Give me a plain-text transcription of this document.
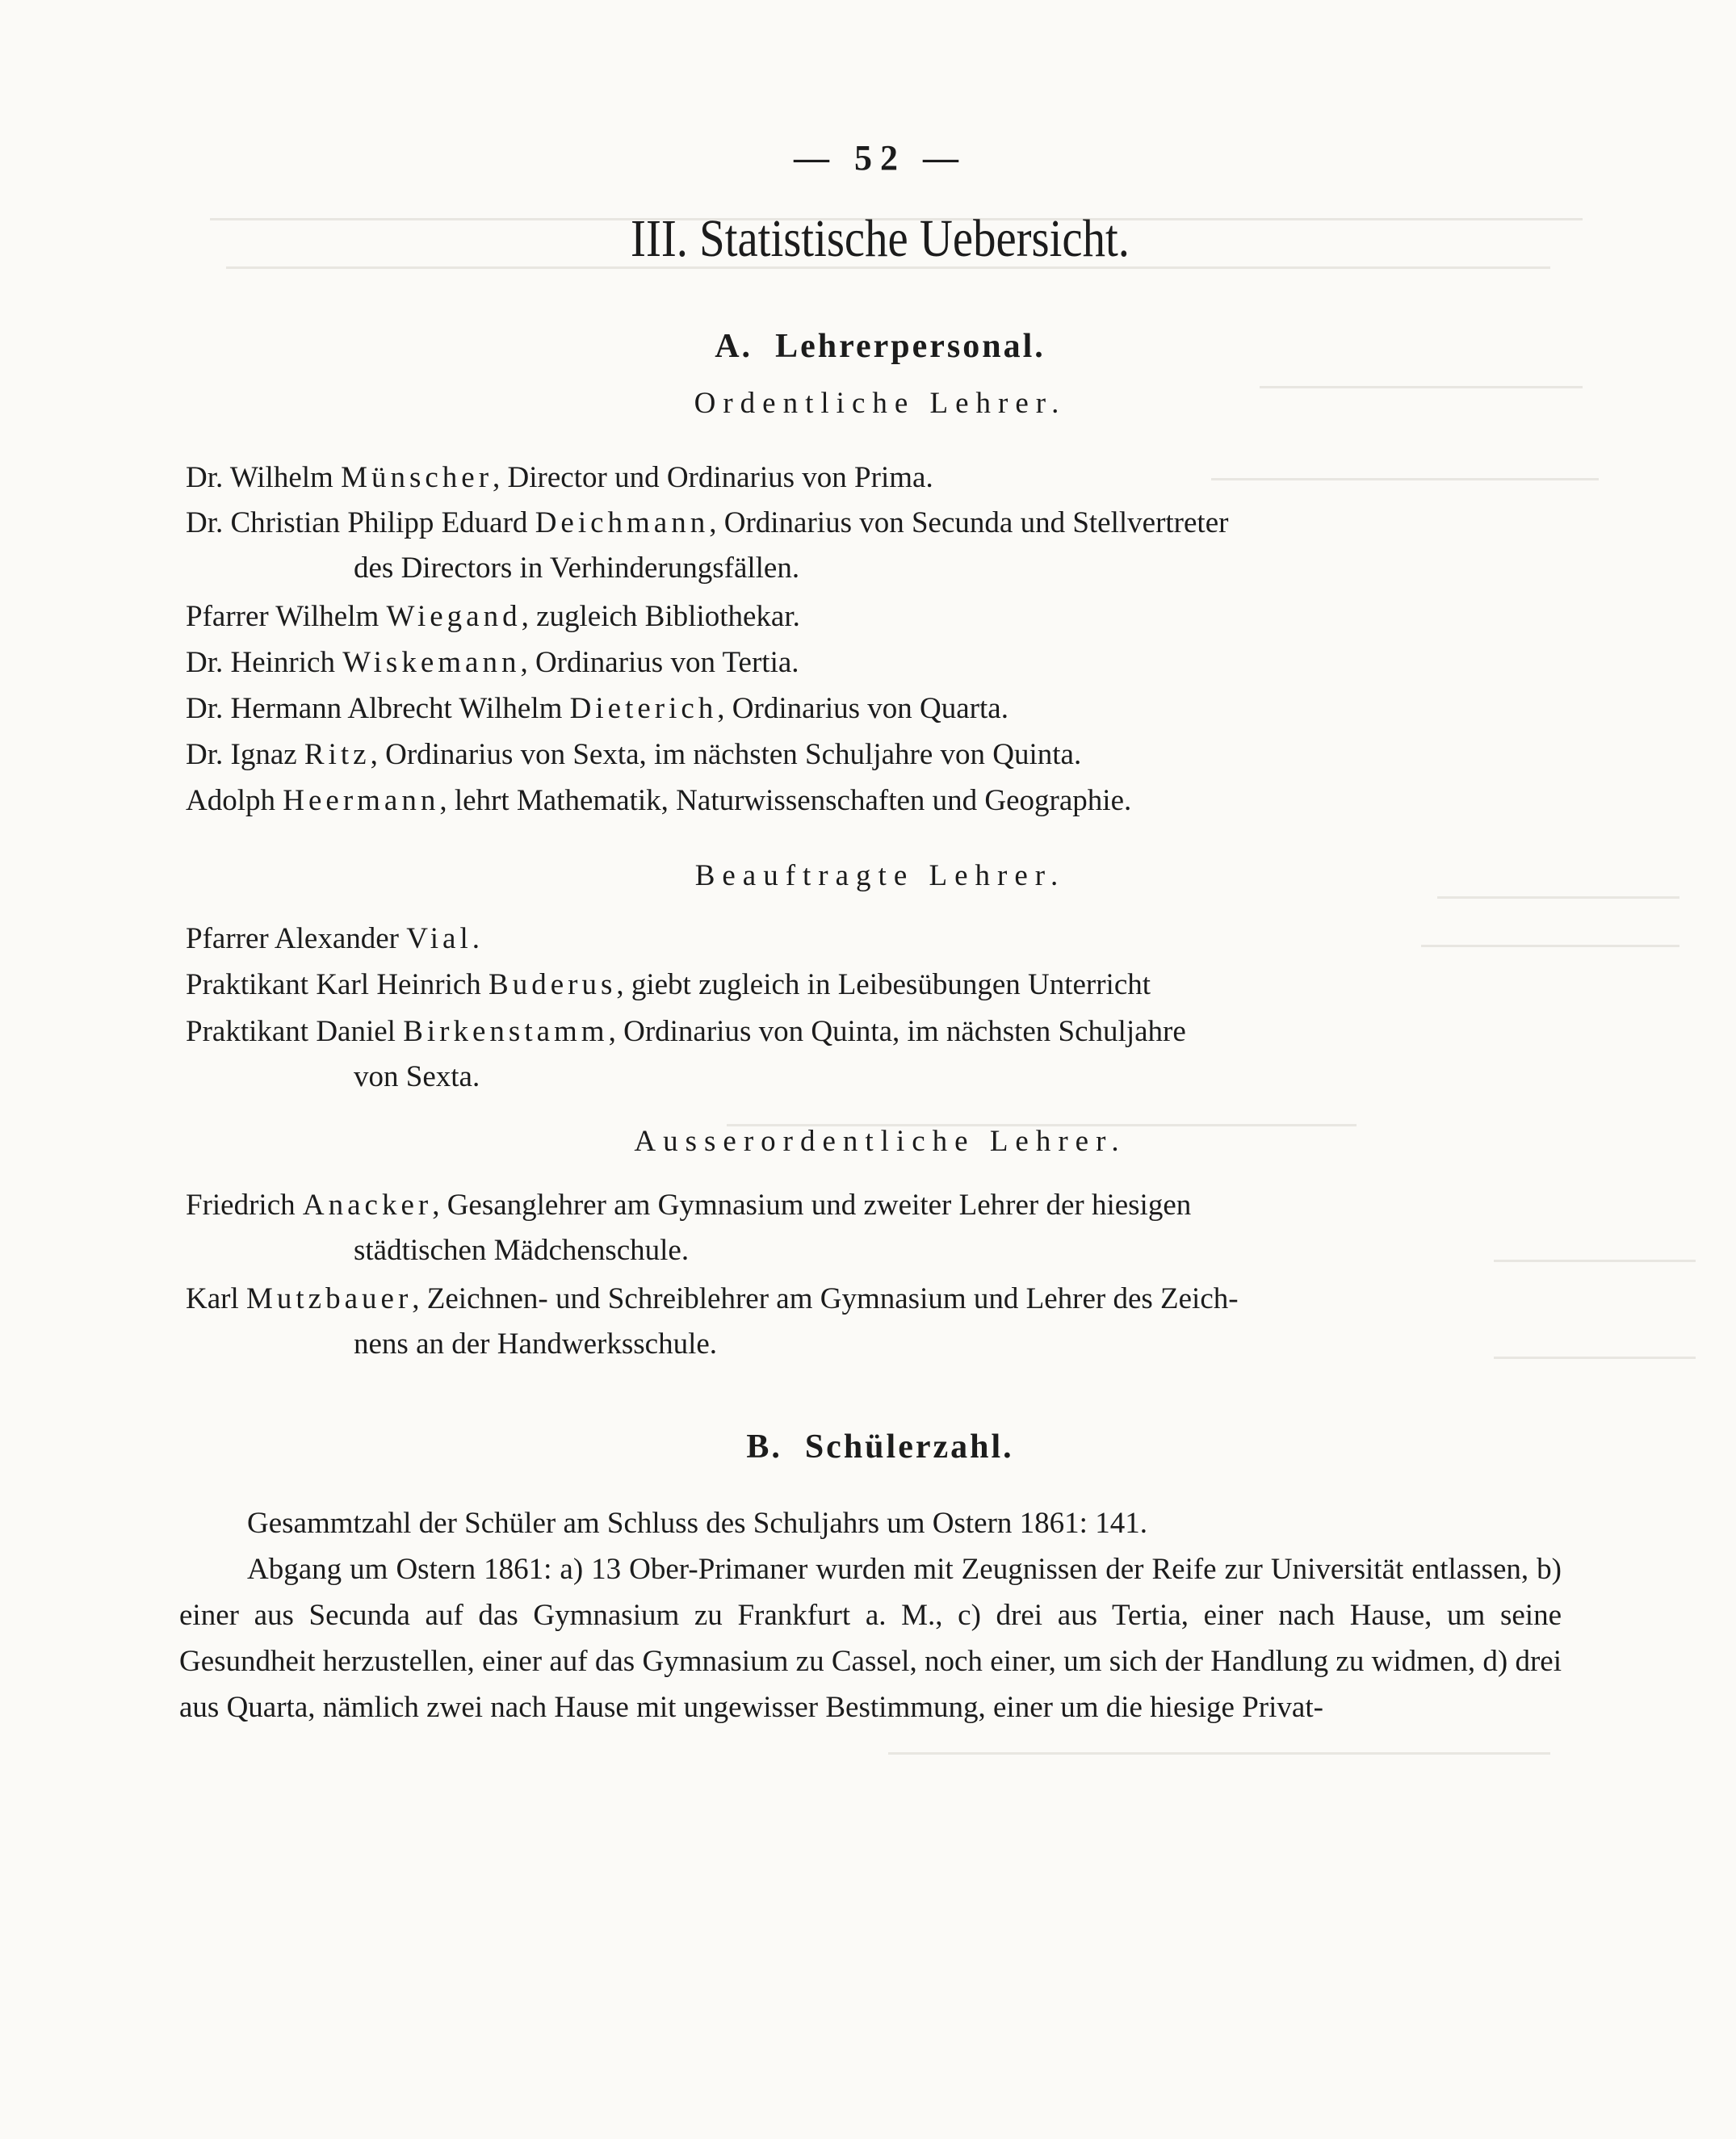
— 52 —
III. Statistische Uebersicht.
A. Lehrerpersonal.
Ordentliche Lehrer.
Dr. Wilhelm Münscher, Director und Ordinarius von Prima.
Dr. Christian Philipp Eduard Deichmann, Ordinarius von Secunda und Stellvertreter
des Directors in Verhinderungsfällen.
Pfarrer Wilhelm Wiegand, zugleich Bibliothekar.
Dr. Heinrich Wiskemann, Ordinarius von Tertia.
Dr. Hermann Albrecht Wilhelm Dieterich, Ordinarius von Quarta.
Dr. Ignaz Ritz, Ordinarius von Sexta, im nächsten Schuljahre von Quinta.
Adolph Heermann, lehrt Mathematik, Naturwissenschaften und Geographie.
Beauftragte Lehrer.
Pfarrer Alexander Vial.
Praktikant Karl Heinrich Buderus, giebt zugleich in Leibesübungen Unterricht
Praktikant Daniel Birkenstamm, Ordinarius von Quinta, im nächsten Schuljahre
von Sexta.
Ausserordentliche Lehrer.
Friedrich Anacker, Gesanglehrer am Gymnasium und zweiter Lehrer der hiesigen
städtischen Mädchenschule.
Karl Mutzbauer, Zeichnen- und Schreiblehrer am Gymnasium und Lehrer des Zeich-
nens an der Handwerksschule.
B. Schülerzahl.
Gesammtzahl der Schüler am Schluss des Schuljahrs um Ostern 1861: 141.
Abgang um Ostern 1861: a) 13 Ober-Primaner wurden mit Zeugnissen der Reife zur Universität entlassen, b) einer aus Secunda auf das Gymnasium zu Frankfurt a. M., c) drei aus Tertia, einer nach Hause, um seine Gesundheit herzustellen, einer auf das Gymnasium zu Cassel, noch einer, um sich der Handlung zu widmen, d) drei aus Quarta, nämlich zwei nach Hause mit ungewisser Bestimmung, einer um die hiesige Privat-
